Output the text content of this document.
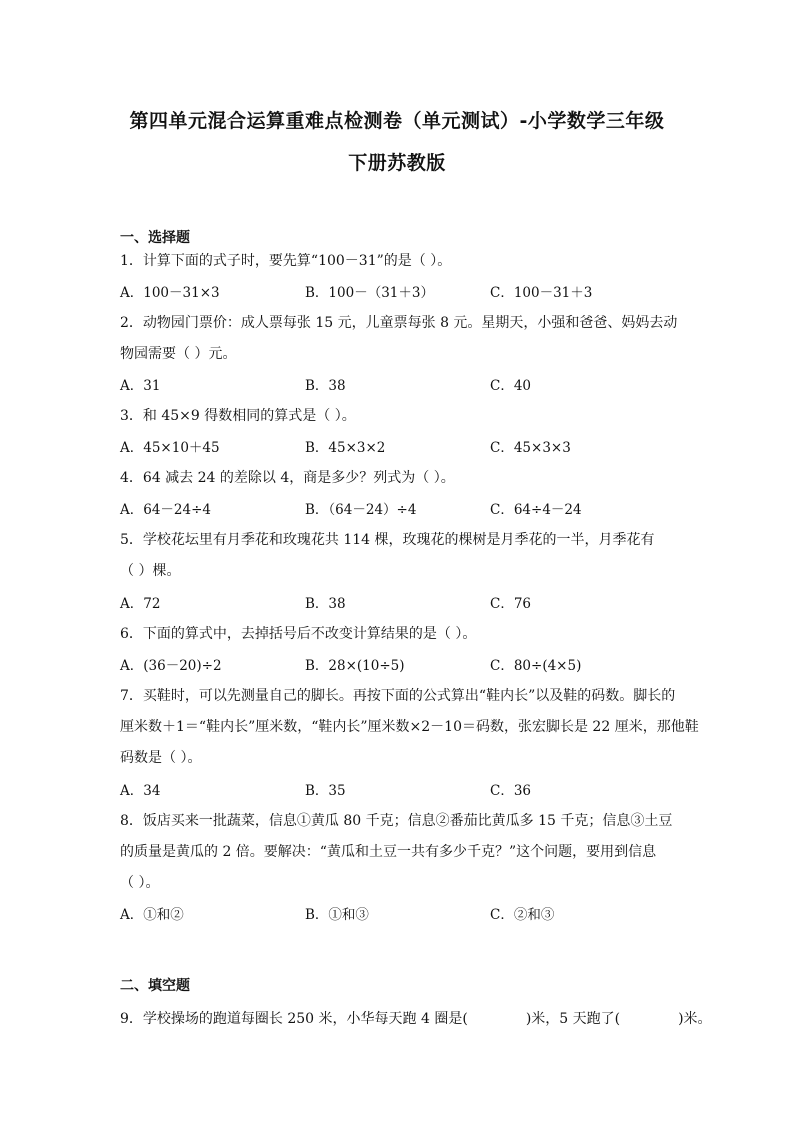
第四单元混合运算重难点检测卷（单元测试）-小学数学三年级
下册苏教版
一、选择题
1．计算下面的式子时，要先算“100－31”的是（ ）。
A．100－31×3	B．100－（31＋3）	C．100－31＋3
2．动物园门票价：成人票每张 15 元，儿童票每张 8 元。星期天，小强和爸爸、妈妈去动
物园需要（ ）元。
A．31	B．38	C．40
3．和 45×9 得数相同的算式是（ ）。
A．45×10＋45	B．45×3×2	C．45×3×3
4．64 减去 24 的差除以 4，商是多少？列式为（ ）。
A．64－24÷4	B．（64－24）÷4	C．64÷4－24
5．学校花坛里有月季花和玫瑰花共 114 棵，玫瑰花的棵树是月季花的一半，月季花有
（ ）棵。
A．72	B．38	C．76
6．下面的算式中，去掉括号后不改变计算结果的是（ ）。
A．(36－20)÷2	B．28×(10÷5)	C．80÷(4×5)
7．买鞋时，可以先测量自己的脚长。再按下面的公式算出“鞋内长”以及鞋的码数。脚长的
厘米数＋1＝“鞋内长”厘米数，“鞋内长”厘米数×2－10＝码数，张宏脚长是 22 厘米，那他鞋
码数是（ ）。
A．34	B．35	C．36
8．饭店买来一批蔬菜，信息①黄瓜 80 千克；信息②番茄比黄瓜多 15 千克；信息③土豆
的质量是黄瓜的 2 倍。要解决：“黄瓜和土豆一共有多少千克？”这个问题，要用到信息
（ ）。
A．①和②	B．①和③	C．②和③
二、填空题
9．学校操场的跑道每圈长 250 米，小华每天跑 4 圈是(	)米，5 天跑了(	)米。
